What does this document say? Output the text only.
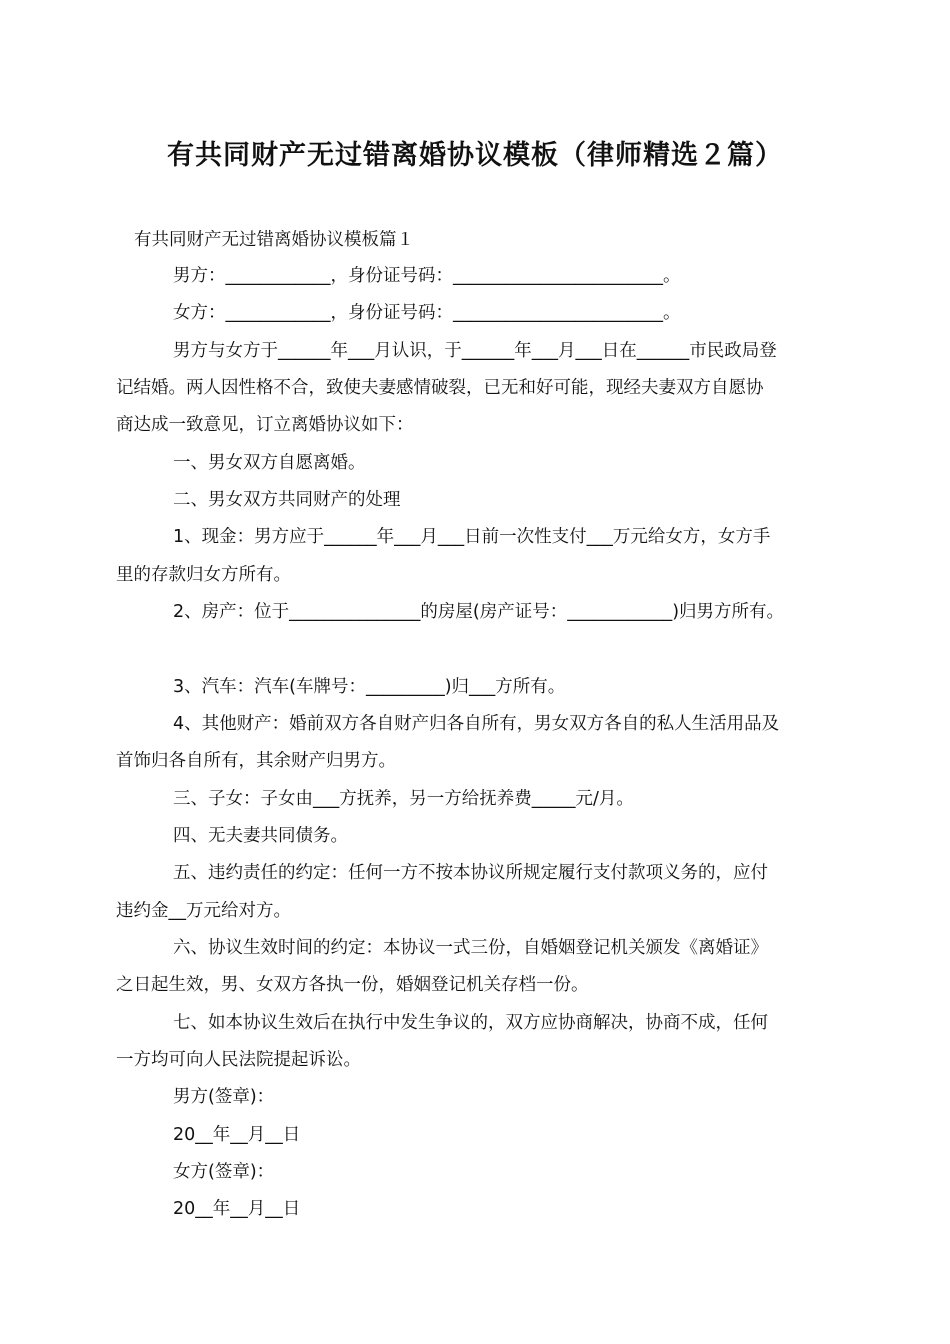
有共同财产无过错离婚协议模板（律师精选２篇）
有共同财产无过错离婚协议模板篇１
男方：____________，身份证号码：________________________。
女方：____________，身份证号码：________________________。
男方与女方于______年___月认识，于______年___月___日在______市民政局登
记结婚。两人因性格不合，致使夫妻感情破裂，已无和好可能，现经夫妻双方自愿协
商达成一致意见，订立离婚协议如下：
一、男女双方自愿离婚。
二、男女双方共同财产的处理
1、现金：男方应于______年___月___日前一次性支付___万元给女方，女方手
里的存款归女方所有。
2、房产：位于_______________的房屋(房产证号：____________)归男方所有。
3、汽车：汽车(车牌号：_________)归___方所有。
4、其他财产：婚前双方各自财产归各自所有，男女双方各自的私人生活用品及
首饰归各自所有，其余财产归男方。
三、子女：子女由___方抚养，另一方给抚养费_____元/月。
四、无夫妻共同债务。
五、违约责任的约定：任何一方不按本协议所规定履行支付款项义务的，应付
违约金__万元给对方。
六、协议生效时间的约定：本协议一式三份，自婚姻登记机关颁发《离婚证》
之日起生效，男、女双方各执一份，婚姻登记机关存档一份。
七、如本协议生效后在执行中发生争议的，双方应协商解决，协商不成，任何
一方均可向人民法院提起诉讼。
男方(签章)：
20__年__月__日
女方(签章)：
20__年__月__日
